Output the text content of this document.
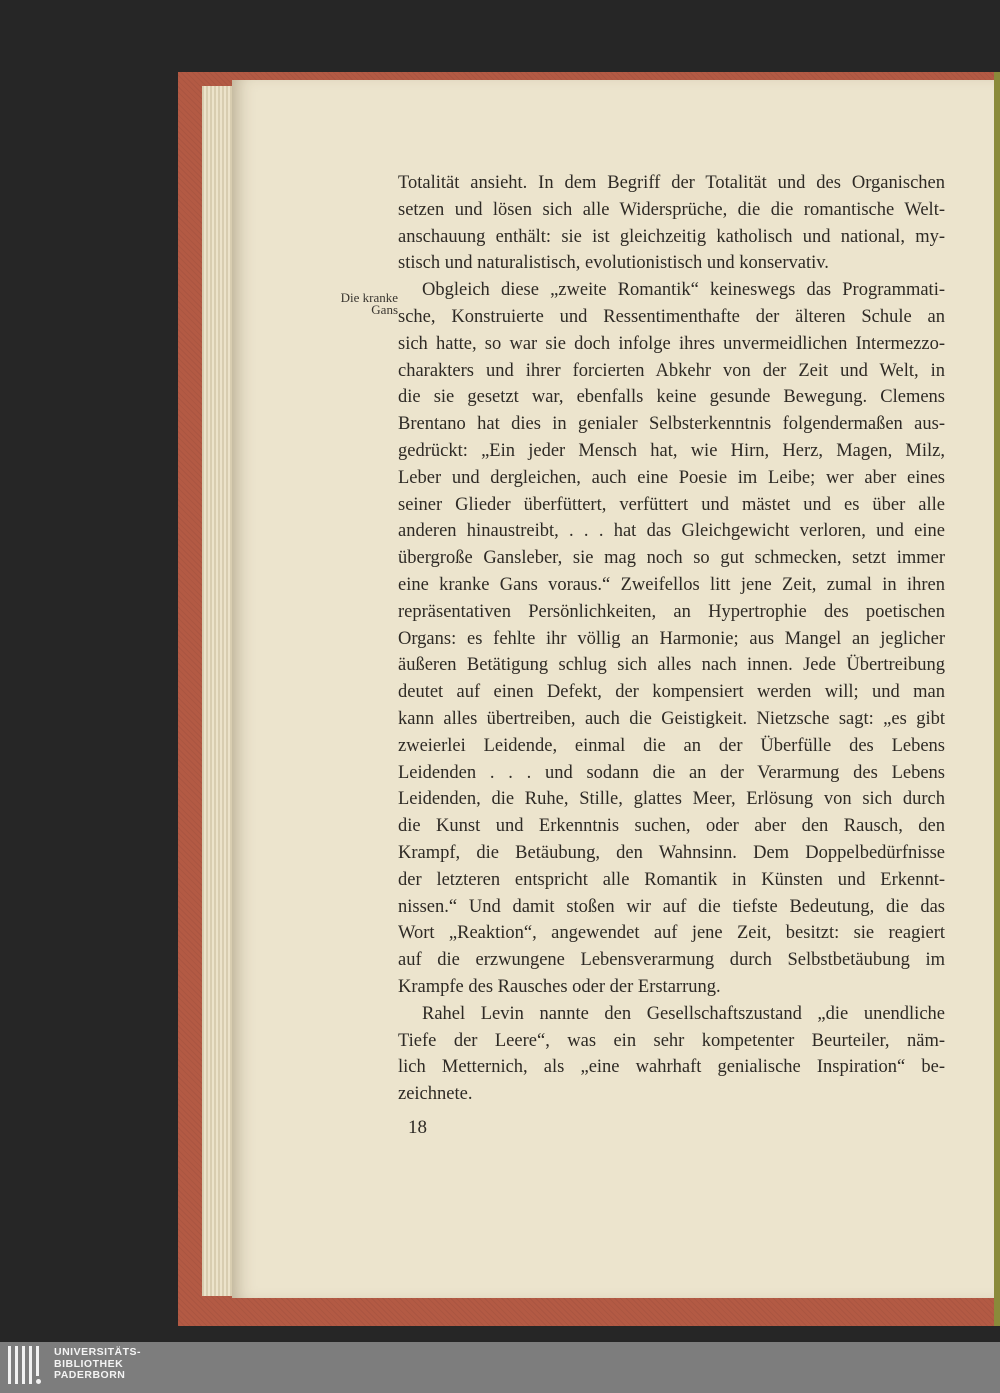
Die kranke
Gans
Totalität ansieht. In dem Begriff der Totalität und des Organischen
setzen und lösen sich alle Widersprüche, die die romantische Welt-
anschauung enthält: sie ist gleichzeitig katholisch und national, my-
stisch und naturalistisch, evolutionistisch und konservativ.
Obgleich diese „zweite Romantik“ keineswegs das Programmati-
sche, Konstruierte und Ressentimenthafte der älteren Schule an
sich hatte, so war sie doch infolge ihres unvermeidlichen Intermezzo-
charakters und ihrer forcierten Abkehr von der Zeit und Welt, in
die sie gesetzt war, ebenfalls keine gesunde Bewegung. Clemens
Brentano hat dies in genialer Selbsterkenntnis folgendermaßen aus-
gedrückt: „Ein jeder Mensch hat, wie Hirn, Herz, Magen, Milz,
Leber und dergleichen, auch eine Poesie im Leibe; wer aber eines
seiner Glieder überfüttert, verfüttert und mästet und es über alle
anderen hinaustreibt, . . . hat das Gleichgewicht verloren, und eine
übergroße Gansleber, sie mag noch so gut schmecken, setzt immer
eine kranke Gans voraus.“ Zweifellos litt jene Zeit, zumal in ihren
repräsentativen Persönlichkeiten, an Hypertrophie des poetischen
Organs: es fehlte ihr völlig an Harmonie; aus Mangel an jeglicher
äußeren Betätigung schlug sich alles nach innen. Jede Übertreibung
deutet auf einen Defekt, der kompensiert werden will; und man
kann alles übertreiben, auch die Geistigkeit. Nietzsche sagt: „es gibt
zweierlei Leidende, einmal die an der Überfülle des Lebens
Leidenden . . . und sodann die an der Verarmung des Lebens
Leidenden, die Ruhe, Stille, glattes Meer, Erlösung von sich durch
die Kunst und Erkenntnis suchen, oder aber den Rausch, den
Krampf, die Betäubung, den Wahnsinn. Dem Doppelbedürfnisse
der letzteren entspricht alle Romantik in Künsten und Erkennt-
nissen.“ Und damit stoßen wir auf die tiefste Bedeutung, die das
Wort „Reaktion“, angewendet auf jene Zeit, besitzt: sie reagiert
auf die erzwungene Lebensverarmung durch Selbstbetäubung im
Krampfe des Rausches oder der Erstarrung.
Rahel Levin nannte den Gesellschaftszustand „die unendliche
Tiefe der Leere“, was ein sehr kompetenter Beurteiler, näm-
lich Metternich, als „eine wahrhaft genialische Inspiration“ be-
zeichnete.
18
UNIVERSITÄTS-
BIBLIOTHEK
PADERBORN
